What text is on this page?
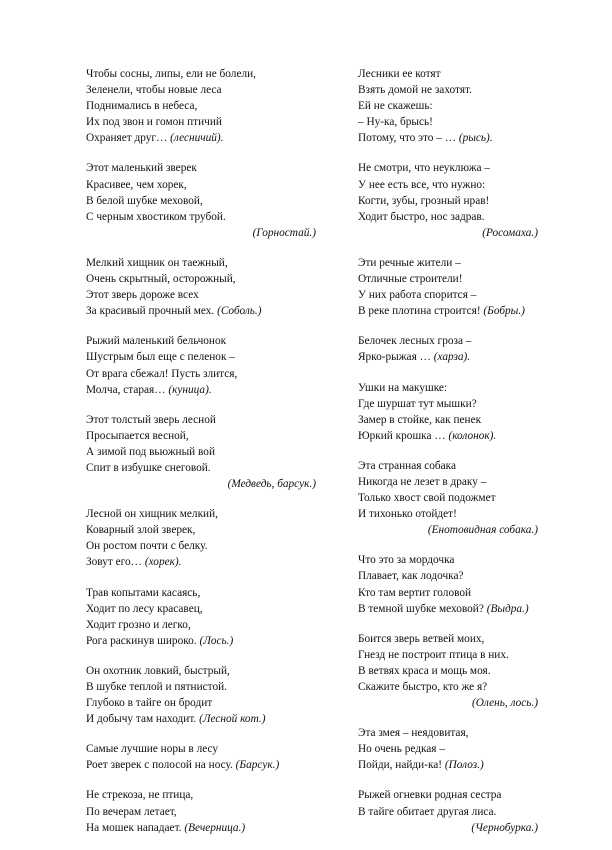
Чтобы сосны, липы, ели не болели,
Зеленели, чтобы новые леса
Поднимались в небеса,
Их под звон и гомон птичий
Охраняет друг… (лесничий).
Этот маленький зверек
Красивее, чем хорек,
В белой шубке меховой,
С черным хвостиком трубой.
(Горностай.)
Мелкий хищник он таежный,
Очень скрытный, осторожный,
Этот зверь дороже всех
За красивый прочный мех. (Соболь.)
Рыжий маленький бельчонок
Шустрым был еще с пеленок –
От врага сбежал! Пусть злится,
Молча, старая… (куница).
Этот толстый зверь лесной
Просыпается весной,
А зимой под вьюжный вой
Спит в избушке снеговой.
(Медведь, барсук.)
Лесной он хищник мелкий,
Коварный злой зверек,
Он ростом почти с белку.
Зовут его… (хорек).
Трав копытами касаясь,
Ходит по лесу красавец,
Ходит грозно и легко,
Рога раскинув широко. (Лось.)
Он охотник ловкий, быстрый,
В шубке теплой и пятнистой.
Глубоко в тайге он бродит
И добычу там находит. (Лесной кот.)
Самые лучшие норы в лесу
Роет зверек с полосой на носу. (Барсук.)
Не стрекоза, не птица,
По вечерам летает,
На мошек нападает. (Вечерница.)
Лесники ее котят
Взять домой не захотят.
Ей не скажешь:
– Ну-ка, брысь!
Потому, что это – … (рысь).
Не смотри, что неуклюжа –
У нее есть все, что нужно:
Когти, зубы, грозный нрав!
Ходит быстро, нос задрав.
(Росомаха.)
Эти речные жители –
Отличные строители!
У них работа спорится –
В реке плотина строится! (Бобры.)
Белочек лесных гроза –
Ярко-рыжая … (харза).
Ушки на макушке:
Где шуршат тут мышки?
Замер в стойке, как пенек
Юркий крошка … (колонок).
Эта странная собака
Никогда не лезет в драку –
Только хвост свой подожмет
И тихонько отойдет!
(Енотовидная собака.)
Что это за мордочка
Плавает, как лодочка?
Кто там вертит головой
В темной шубке меховой? (Выдра.)
Боится зверь ветвей моих,
Гнезд не построит птица в них.
В ветвях краса и мощь моя.
Скажите быстро, кто же я?
(Олень, лось.)
Эта змея – неядовитая,
Но очень редкая –
Пойди, найди-ка! (Полоз.)
Рыжей огневки родная сестра
В тайге обитает другая лиса.
(Чернобурка.)
